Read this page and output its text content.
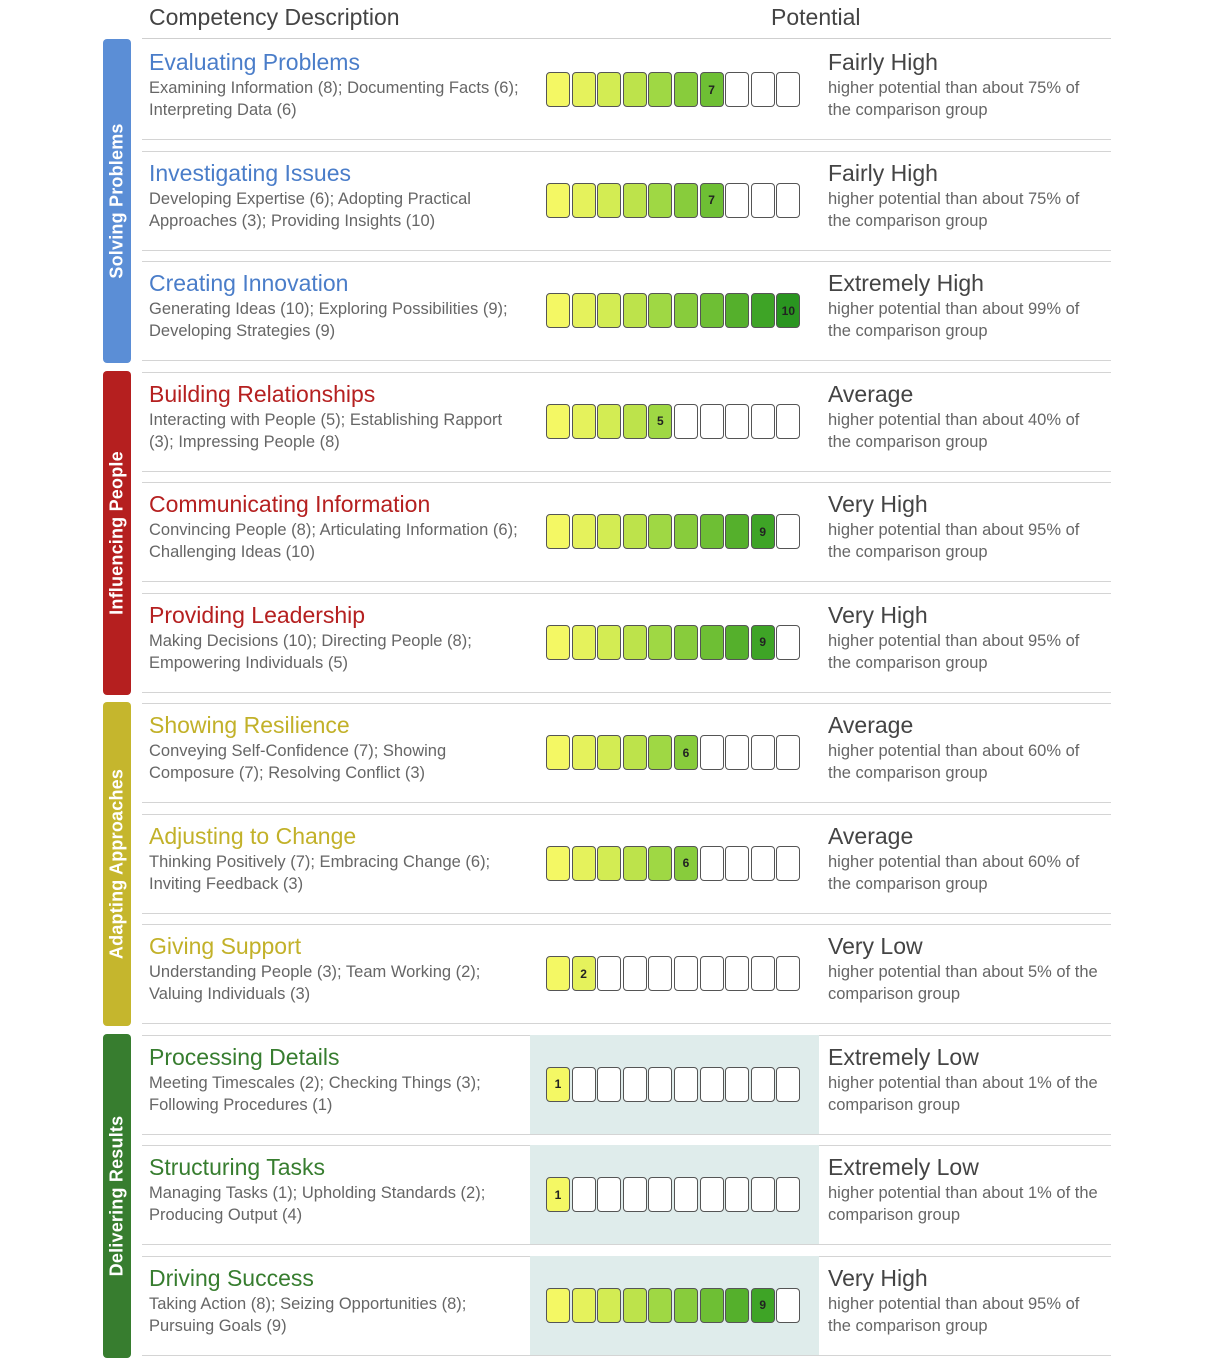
Competency Description	Potential
Solving Problems
Influencing People
Adapting Approaches
Delivering Results
Evaluating Problems
Examining Information (8); Documenting Facts (6); Interpreting Data (6)
7
Fairly High
higher potential than about 75% of the comparison group
Investigating Issues
Developing Expertise (6); Adopting Practical Approaches (3); Providing Insights (10)
7
Fairly High
higher potential than about 75% of the comparison group
Creating Innovation
Generating Ideas (10); Exploring Possibilities (9); Developing Strategies (9)
10
Extremely High
higher potential than about 99% of the comparison group
Building Relationships
Interacting with People (5); Establishing Rapport (3); Impressing People (8)
5
Average
higher potential than about 40% of the comparison group
Communicating Information
Convincing People (8); Articulating Information (6); Challenging Ideas (10)
9
Very High
higher potential than about 95% of the comparison group
Providing Leadership
Making Decisions (10); Directing People (8); Empowering Individuals (5)
9
Very High
higher potential than about 95% of the comparison group
Showing Resilience
Conveying Self-Confidence (7); Showing Composure (7); Resolving Conflict (3)
6
Average
higher potential than about 60% of the comparison group
Adjusting to Change
Thinking Positively (7); Embracing Change (6); Inviting Feedback (3)
6
Average
higher potential than about 60% of the comparison group
Giving Support
Understanding People (3); Team Working (2); Valuing Individuals (3)
2
Very Low
higher potential than about 5% of the comparison group
Processing Details
Meeting Timescales (2); Checking Things (3); Following Procedures (1)
1
Extremely Low
higher potential than about 1% of the comparison group
Structuring Tasks
Managing Tasks (1); Upholding Standards (2); Producing Output (4)
1
Extremely Low
higher potential than about 1% of the comparison group
Driving Success
Taking Action (8); Seizing Opportunities (8); Pursuing Goals (9)
9
Very High
higher potential than about 95% of the comparison group
